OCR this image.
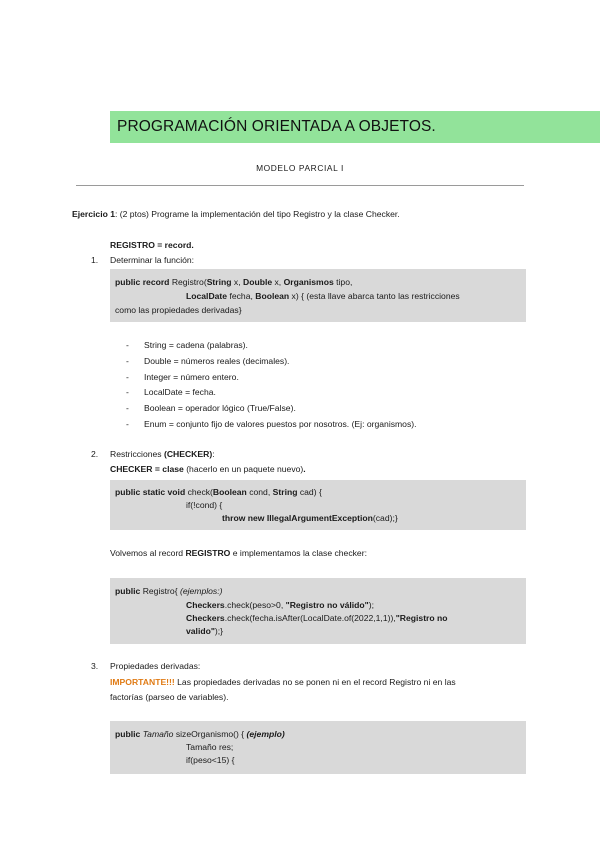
PROGRAMACIÓN ORIENTADA A OBJETOS.
MODELO PARCIAL I
Ejercicio 1: (2 ptos) Programe la implementación del tipo Registro y la clase Checker.
REGISTRO = record.
1. Determinar la función:
public record Registro(String x, Double x, Organismos tipo,
LocalDate fecha, Boolean x) { (esta llave abarca tanto las restricciones
como las propiedades derivadas}
- String = cadena (palabras).
- Double = números reales (decimales).
- Integer = número entero.
- LocalDate = fecha.
- Boolean = operador lógico (True/False).
- Enum = conjunto fijo de valores puestos por nosotros. (Ej: organismos).
2. Restricciones (CHECKER):
CHECKER = clase (hacerlo en un paquete nuevo).
public static void check(Boolean cond, String cad) {
if(!cond) {
throw new IllegalArgumentException(cad);}
Volvemos al record REGISTRO e implementamos la clase checker:
public Registro{ (ejemplos:)
Checkers.check(peso>0, "Registro no válido");
Checkers.check(fecha.isAfter(LocalDate.of(2022,1,1)),"Registro no
valido");}
3. Propiedades derivadas:
IMPORTANTE!!! Las propiedades derivadas no se ponen ni en el record Registro ni en las
factorías (parseo de variables).
public Tamaño sizeOrganismo() { (ejemplo)
Tamaño res;
if(peso<15) {
